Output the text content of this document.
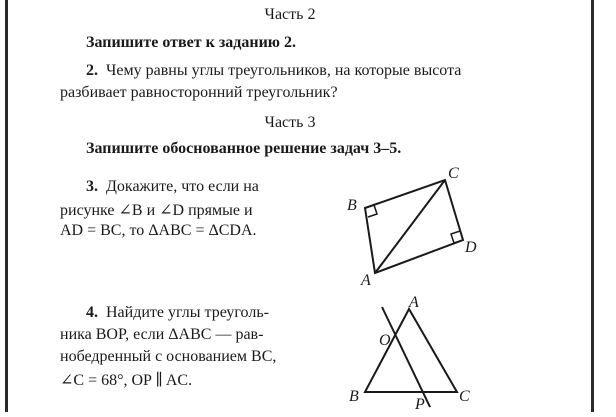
Часть 2
Запишите ответ к заданию 2.
2. Чему равны углы треугольников, на которые высота
разбивает равносторонний треугольник?
Часть 3
Запишите обоснованное решение задач 3–5.
3. Докажите, что если на
рисунке ∠B и ∠D прямые и
AD = BC, то ΔABC = ΔCDA.
B
C
D
A
4. Найдите углы треуголь-
ника BOP, если ΔABC — рав-
нобедренный с основанием BC,
∠C = 68°, OP ∥ AC.
A
O
B	C
P
